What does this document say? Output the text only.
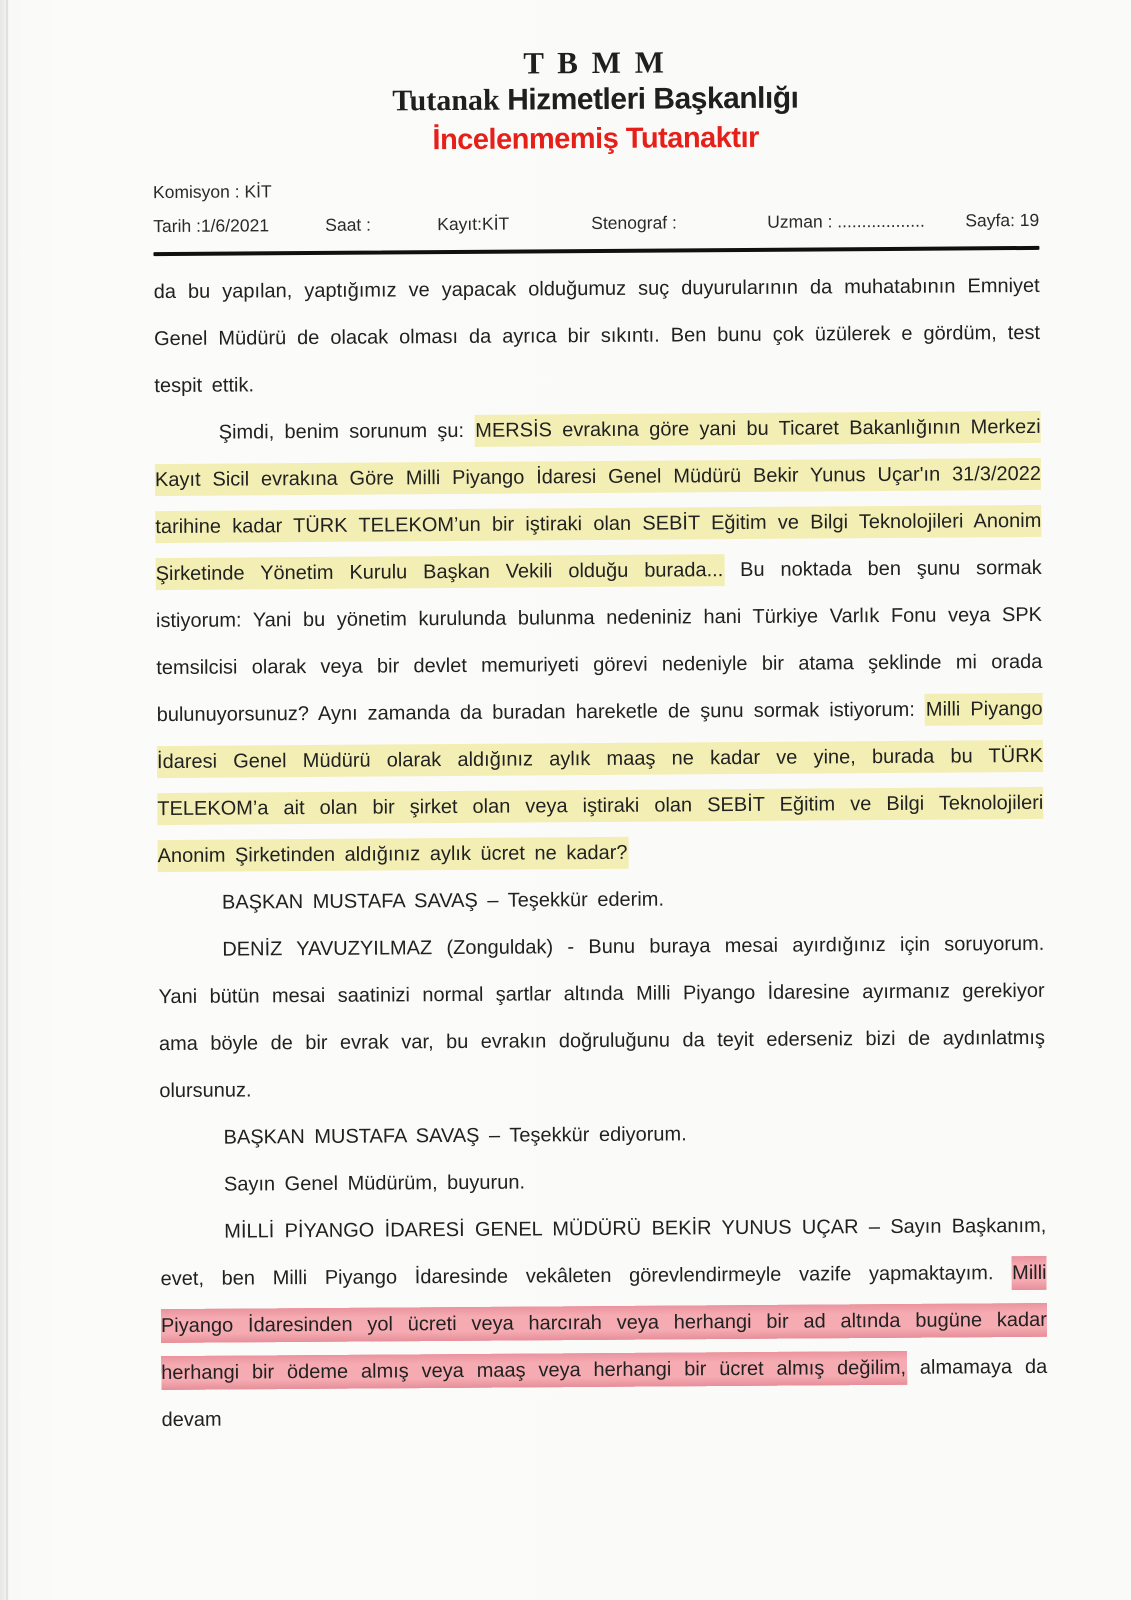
T B M M
Tutanak Hizmetleri Başkanlığı
İncelenmemiş Tutanaktır
Komisyon : KİT
Tarih :1/6/2021	Saat :	Kayıt:KİT	Stenograf :	Uzman : .................. Sayfa: 19

da bu yapılan, yaptığımız ve yapacak olduğumuz suç duyurularının da muhatabının Emniyet Genel Müdürü de olacak olması da ayrıca bir sıkıntı. Ben bunu çok üzülerek e gördüm, test tespit ettik.

Şimdi, benim sorunum şu: MERSİS evrakına göre yani bu Ticaret Bakanlığının Merkezi Kayıt Sicil evrakına Göre Milli Piyango İdaresi Genel Müdürü Bekir Yunus Uçar'ın 31/3/2022 tarihine kadar TÜRK TELEKOM’un bir iştiraki olan SEBİT Eğitim ve Bilgi Teknolojileri Anonim Şirketinde Yönetim Kurulu Başkan Vekili olduğu burada... Bu noktada ben şunu sormak istiyorum: Yani bu yönetim kurulunda bulunma nedeniniz hani Türkiye Varlık Fonu veya SPK temsilcisi olarak veya bir devlet memuriyeti görevi nedeniyle bir atama şeklinde mi orada bulunuyorsunuz? Aynı zamanda da buradan hareketle de şunu sormak istiyorum: Milli Piyango İdaresi Genel Müdürü olarak aldığınız aylık maaş ne kadar ve yine, burada bu TÜRK TELEKOM’a ait olan bir şirket olan veya iştiraki olan SEBİT Eğitim ve Bilgi Teknolojileri Anonim Şirketinden aldığınız aylık ücret ne kadar?

BAŞKAN MUSTAFA SAVAŞ – Teşekkür ederim.

DENİZ YAVUZYILMAZ (Zonguldak) - Bunu buraya mesai ayırdığınız için soruyorum. Yani bütün mesai saatinizi normal şartlar altında Milli Piyango İdaresine ayırmanız gerekiyor ama böyle de bir evrak var, bu evrakın doğruluğunu da teyit ederseniz bizi de aydınlatmış olursunuz.

BAŞKAN MUSTAFA SAVAŞ – Teşekkür ediyorum.

Sayın Genel Müdürüm, buyurun.

MİLLİ PİYANGO İDARESİ GENEL MÜDÜRÜ BEKİR YUNUS UÇAR – Sayın Başkanım, evet, ben Milli Piyango İdaresinde vekâleten görevlendirmeyle vazife yapmaktayım. Milli Piyango İdaresinden yol ücreti veya harcırah veya herhangi bir ad altında bugüne kadar herhangi bir ödeme almış veya maaş veya herhangi bir ücret almış değilim, almamaya da devam
